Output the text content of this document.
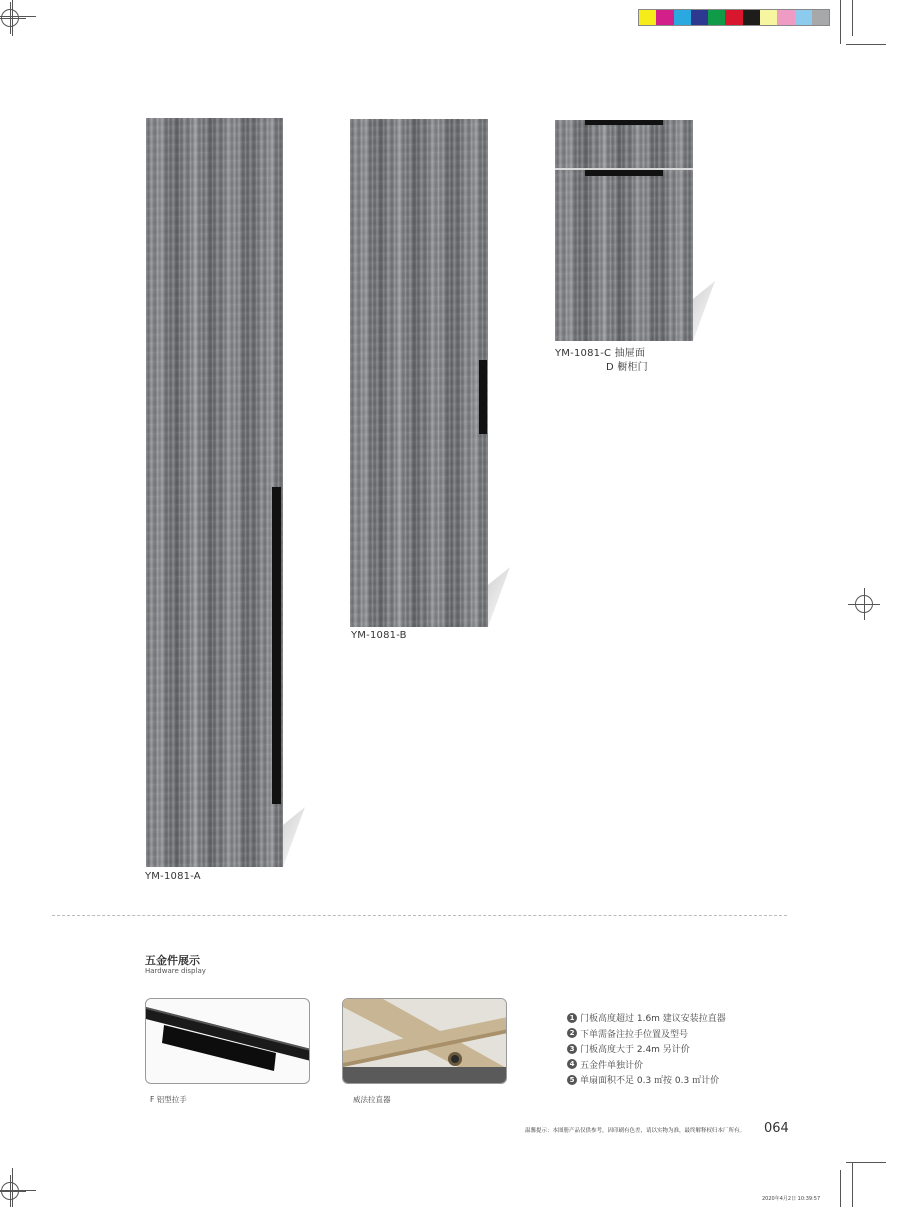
YM-1081-A
YM-1081-B
YM-1081-C 抽屉面
D 橱柜门
五金件展示
Hardware display
F 铝型拉手	威法拉直器
1 门板高度超过 1.6m 建议安装拉直器
2 下单需备注拉手位置及型号
3 门板高度大于 2.4m 另计价
4 五金件单独计价
5 单扇面积不足 0.3 ㎡按 0.3 ㎡计价
温馨提示：本图册产品仅供参考，因印刷有色差，请以实物为准，最终解释权归本厂所有。 064
2020年4月2日 10:39:57
